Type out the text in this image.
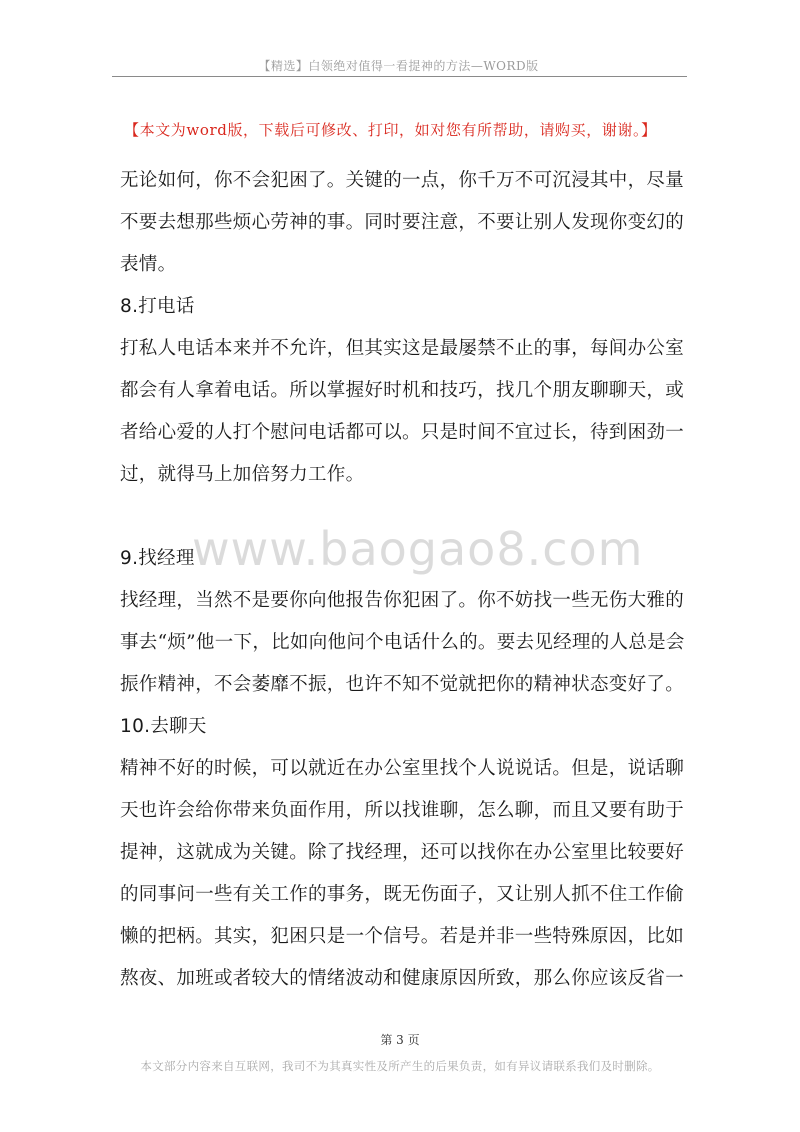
【精选】白领绝对值得一看提神的方法—WORD版
【本文为word版，下载后可修改、打印，如对您有所帮助，请购买，谢谢。】
www.baogao8.com
无论如何，你不会犯困了。关键的一点，你千万不可沉浸其中，尽量
不要去想那些烦心劳神的事。同时要注意，不要让别人发现你变幻的
表情。
8.打电话
打私人电话本来并不允许，但其实这是最屡禁不止的事，每间办公室
都会有人拿着电话。所以掌握好时机和技巧，找几个朋友聊聊天，或
者给心爱的人打个慰问电话都可以。只是时间不宜过长，待到困劲一
过，就得马上加倍努力工作。
9.找经理
找经理，当然不是要你向他报告你犯困了。你不妨找一些无伤大雅的
事去“烦”他一下，比如向他问个电话什么的。要去见经理的人总是会
振作精神，不会萎靡不振，也许不知不觉就把你的精神状态变好了。
10.去聊天
精神不好的时候，可以就近在办公室里找个人说说话。但是，说话聊
天也许会给你带来负面作用，所以找谁聊，怎么聊，而且又要有助于
提神，这就成为关键。除了找经理，还可以找你在办公室里比较要好
的同事问一些有关工作的事务，既无伤面子，又让别人抓不住工作偷
懒的把柄。其实，犯困只是一个信号。若是并非一些特殊原因，比如
熬夜、加班或者较大的情绪波动和健康原因所致，那么你应该反省一
第 3 页
本文部分内容来自互联网，我司不为其真实性及所产生的后果负责，如有异议请联系我们及时删除。
